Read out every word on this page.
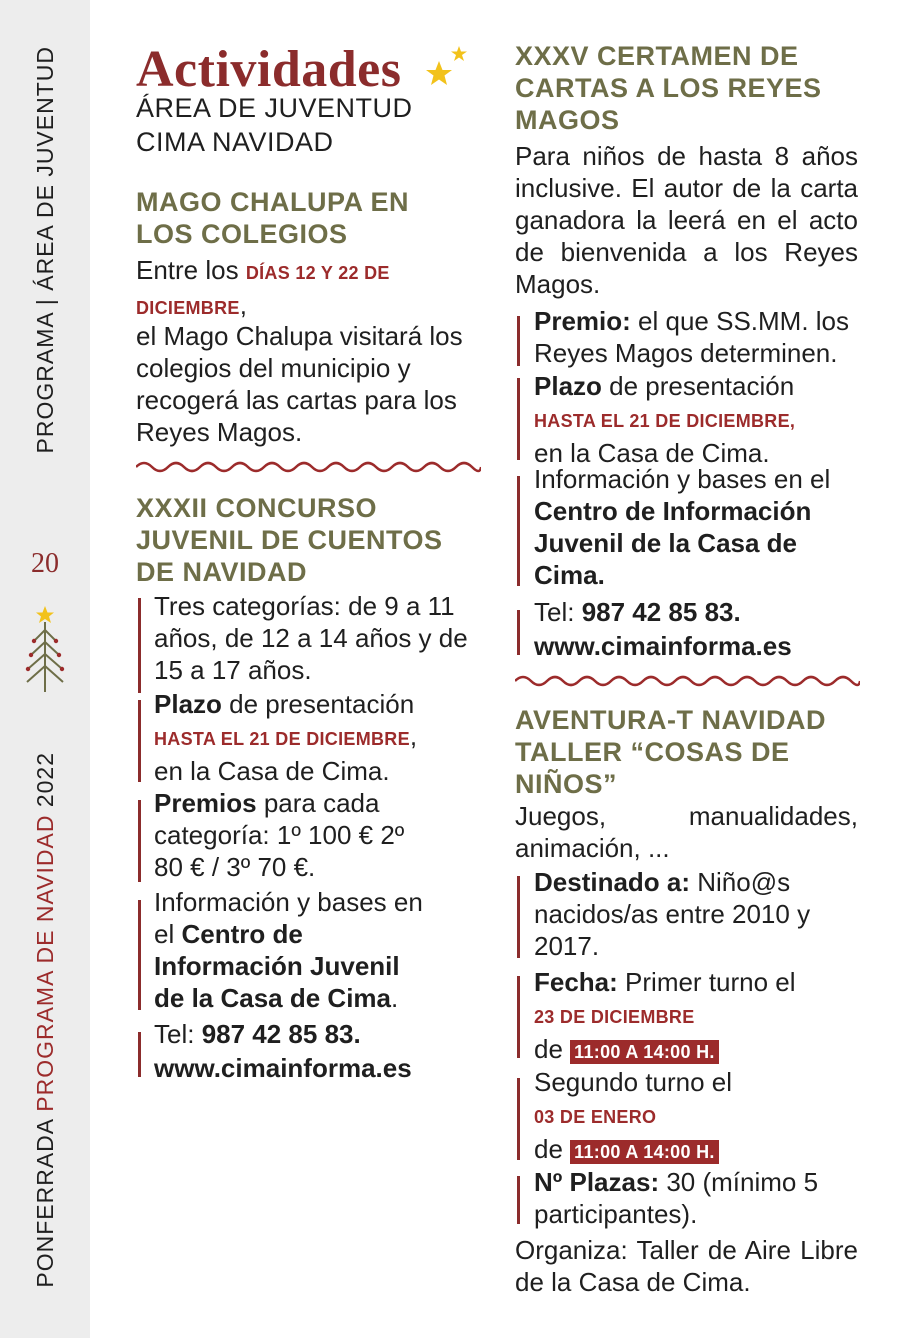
PROGRAMA | ÁREA DE JUVENTUD
20
PONFERRADA PROGRAMA DE NAVIDAD 2022
Actividades
ÁREA DE JUVENTUD
CIMA NAVIDAD
MAGO CHALUPA EN LOS COLEGIOS
Entre los DÍAS 12 Y 22 DE DICIEMBRE,
el Mago Chalupa visitará los colegios del municipio y recogerá las cartas para los Reyes Magos.
XXXII CONCURSO JUVENIL DE CUENTOS DE NAVIDAD
Tres categorías: de 9 a 11 años, de 12 a 14 años y de 15 a 17 años.
Plazo de presentación
HASTA EL 21 DE DICIEMBRE,
en la Casa de Cima.
Premios para cada categoría: 1º 100 € 2º 80 € / 3º 70 €.
Información y bases en el Centro de Información Juvenil de la Casa de Cima.
Tel: 987 42 85 83.
www.cimainforma.es
XXXV CERTAMEN DE CARTAS A LOS REYES MAGOS
Para niños de hasta 8 años inclusive. El autor de la carta ganadora la leerá en el acto de bienvenida a los Reyes Magos.
Premio: el que SS.MM. los Reyes Magos determinen.
Plazo de presentación
HASTA EL 21 DE DICIEMBRE,
en la Casa de Cima.
Información y bases en el Centro de Información Juvenil de la Casa de Cima.
Tel: 987 42 85 83.
www.cimainforma.es
AVENTURA-T NAVIDAD TALLER “COSAS DE NIÑOS”
Juegos, manualidades, animación, ...
Destinado a: Niño@s nacidos/as entre 2010 y 2017.
Fecha: Primer turno el
23 DE DICIEMBRE
de 11:00 A 14:00 H.
Segundo turno el
03 DE ENERO
de 11:00 A 14:00 H.
Nº Plazas: 30 (mínimo 5 participantes).
Organiza: Taller de Aire Libre de la Casa de Cima.
